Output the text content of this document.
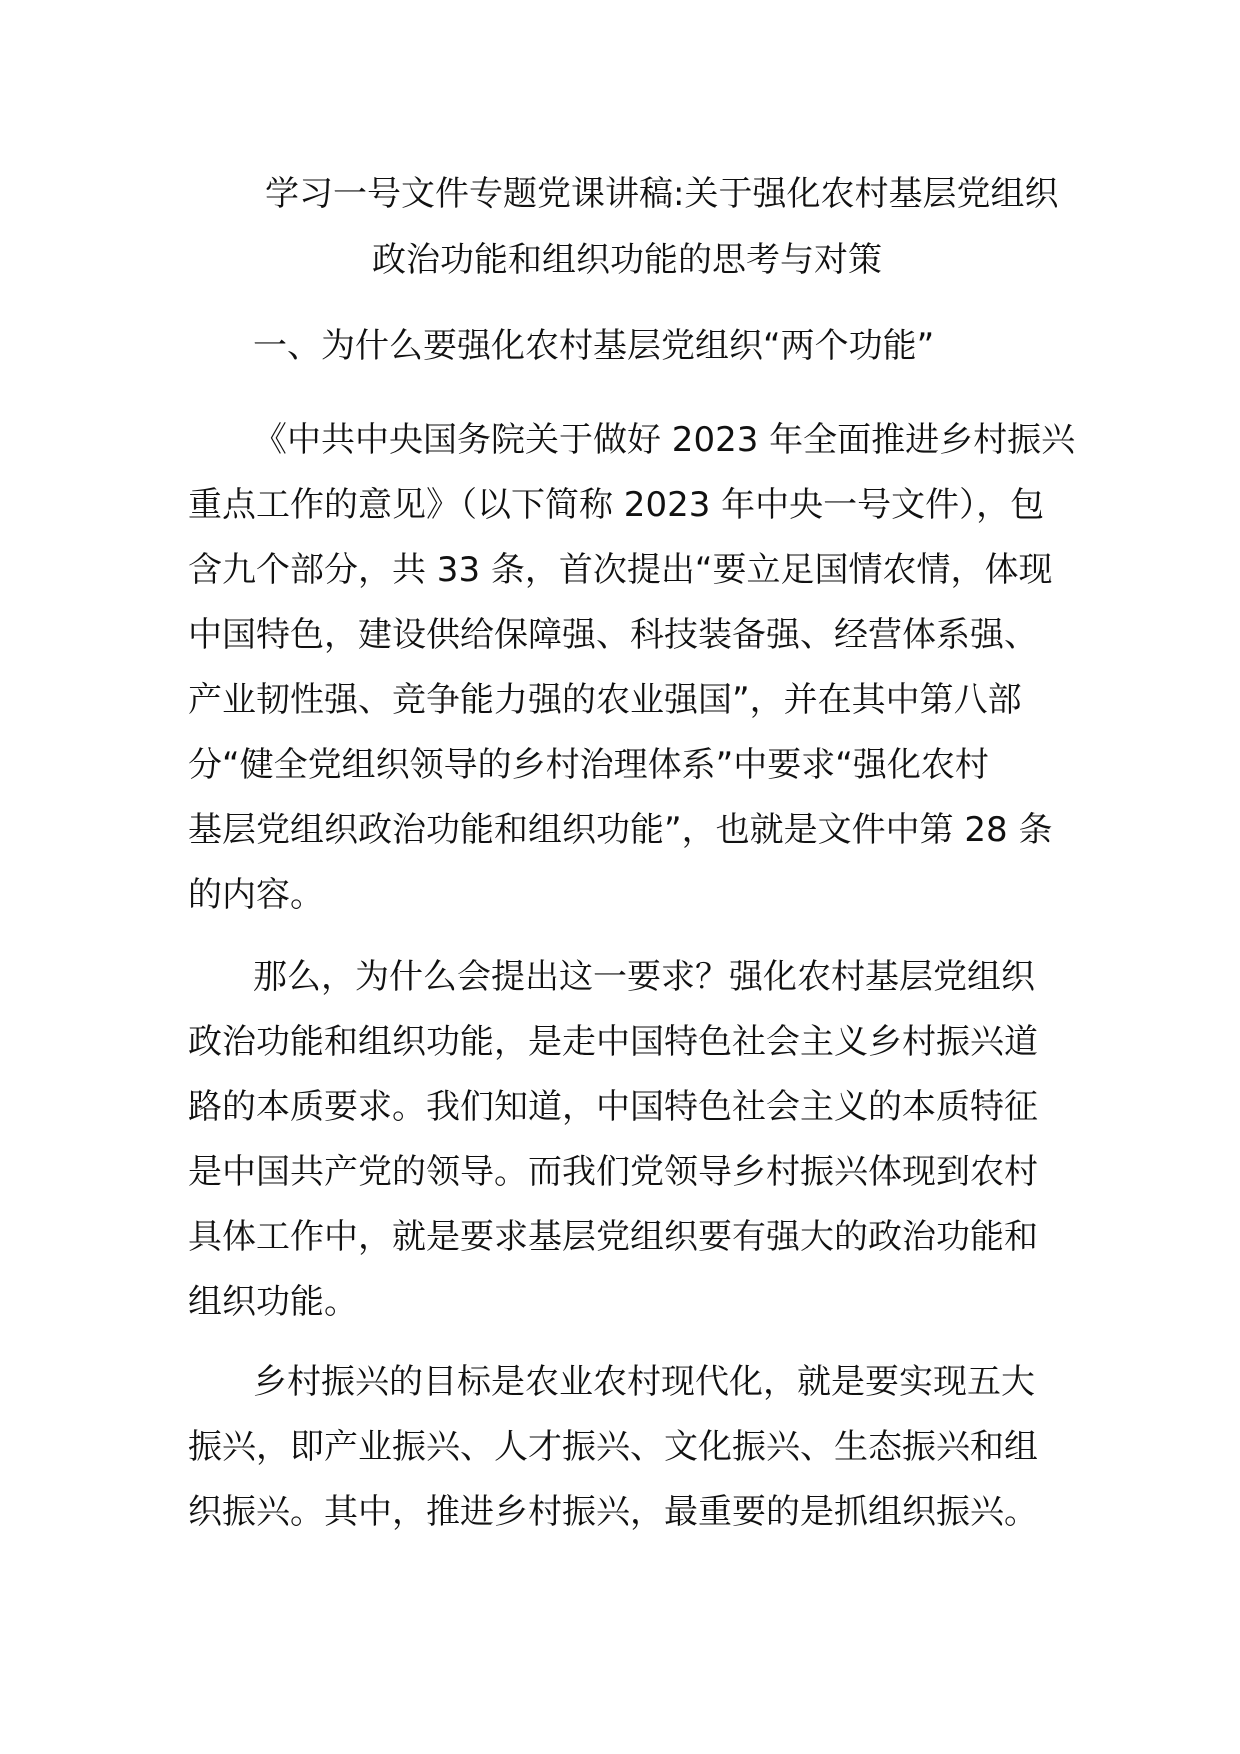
学习一号文件专题党课讲稿:关于强化农村基层党组织
政治功能和组织功能的思考与对策
一、为什么要强化农村基层党组织“两个功能”
《中共中央国务院关于做好 2023 年全面推进乡村振兴
重点工作的意见》（以下简称 2023 年中央一号文件），包
含九个部分，共 33 条，首次提出“要立足国情农情，体现
中国特色，建设供给保障强、科技装备强、经营体系强、
产业韧性强、竞争能力强的农业强国”，并在其中第八部
分“健全党组织领导的乡村治理体系”中要求“强化农村
基层党组织政治功能和组织功能”，也就是文件中第 28 条
的内容。
那么，为什么会提出这一要求？强化农村基层党组织
政治功能和组织功能，是走中国特色社会主义乡村振兴道
路的本质要求。我们知道，中国特色社会主义的本质特征
是中国共产党的领导。而我们党领导乡村振兴体现到农村
具体工作中，就是要求基层党组织要有强大的政治功能和
组织功能。
乡村振兴的目标是农业农村现代化，就是要实现五大
振兴，即产业振兴、人才振兴、文化振兴、生态振兴和组
织振兴。其中，推进乡村振兴，最重要的是抓组织振兴。
